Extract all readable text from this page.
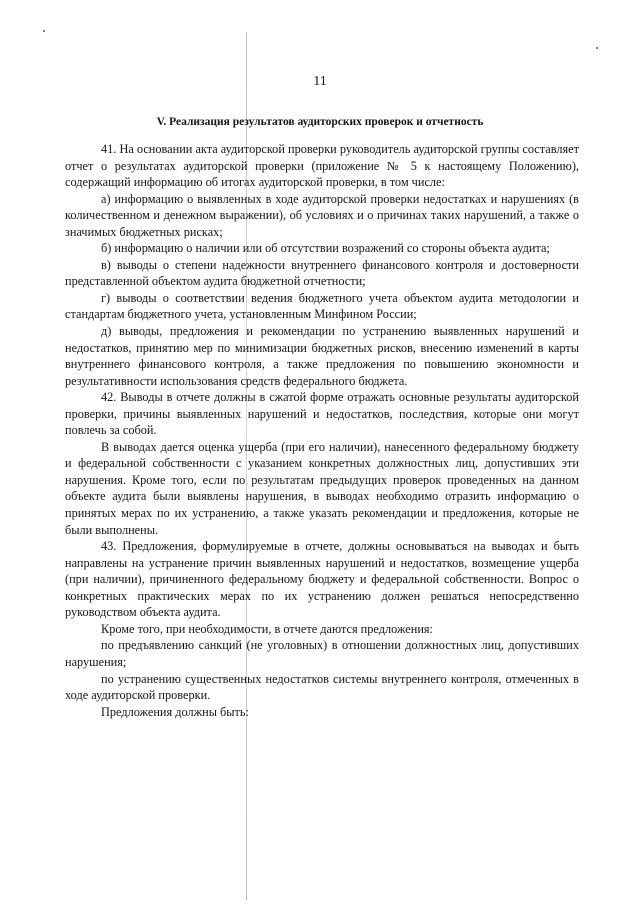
11
V. Реализация результатов аудиторских проверок и отчетность

41. На основании акта аудиторской проверки руководитель аудиторской группы составляет отчет о результатах аудиторской проверки (приложение № 5 к настоящему Положению), содержащий информацию об итогах аудиторской проверки, в том числе:

а) информацию о выявленных в ходе аудиторской проверки недостатках и нарушениях (в количественном и денежном выражении), об условиях и о причинах таких нарушений, а также о значимых бюджетных рисках;

б) информацию о наличии или об отсутствии возражений со стороны объекта аудита;

в) выводы о степени надежности внутреннего финансового контроля и достоверности представленной объектом аудита бюджетной отчетности;

г) выводы о соответствии ведения бюджетного учета объектом аудита методологии и стандартам бюджетного учета, установленным Минфином России;

д) выводы, предложения и рекомендации по устранению выявленных нарушений и недостатков, принятию мер по минимизации бюджетных рисков, внесению изменений в карты внутреннего финансового контроля, а также предложения по повышению экономности и результативности использования средств федерального бюджета.

42. Выводы в отчете должны в сжатой форме отражать основные результаты аудиторской проверки, причины выявленных нарушений и недостатков, последствия, которые они могут повлечь за собой.

В выводах дается оценка ущерба (при его наличии), нанесенного федеральному бюджету и федеральной собственности с указанием конкретных должностных лиц, допустивших эти нарушения. Кроме того, если по результатам предыдущих проверок проведенных на данном объекте аудита были выявлены нарушения, в выводах необходимо отразить информацию о принятых мерах по их устранению, а также указать рекомендации и предложения, которые не были выполнены.

43. Предложения, формулируемые в отчете, должны основываться на выводах и быть направлены на устранение причин выявленных нарушений и недостатков, возмещение ущерба (при наличии), причиненного федеральному бюджету и федеральной собственности. Вопрос о конкретных практических мерах по их устранению должен решаться непосредственно руководством объекта аудита.

Кроме того, при необходимости, в отчете даются предложения:

по предъявлению санкций (не уголовных) в отношении должностных лиц, допустивших нарушения;

по устранению существенных недостатков системы внутреннего контроля, отмеченных в ходе аудиторской проверки.

Предложения должны быть:
